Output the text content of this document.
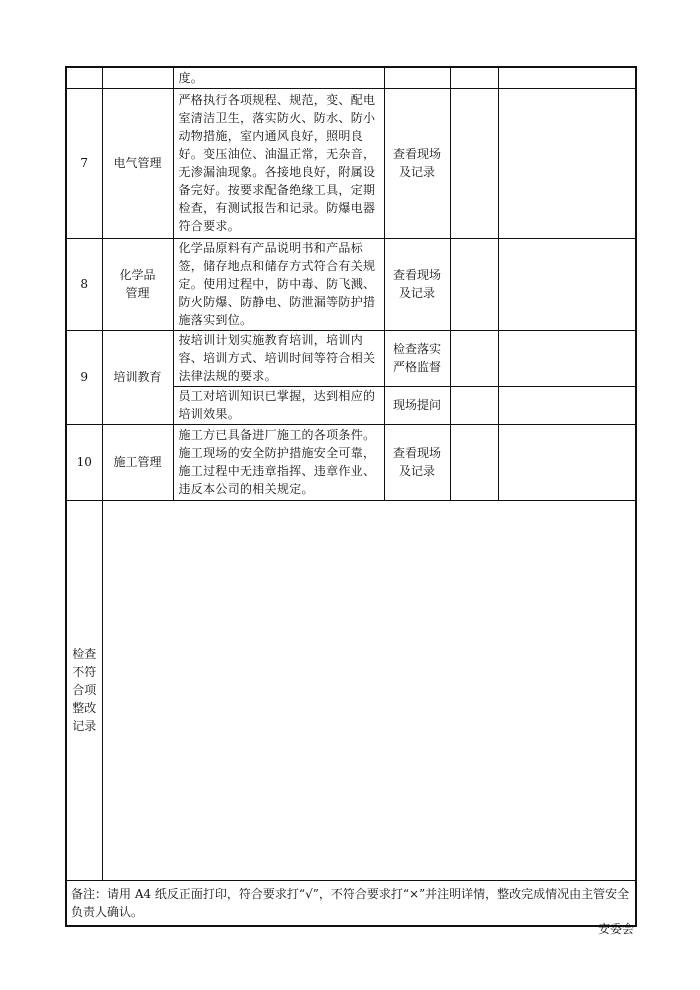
		度。			
7	电气管理	严格执行各项规程、规范，变、配电室清洁卫生，落实防火、防水、防小动物措施，室内通风良好，照明良好。变压油位、油温正常，无杂音，无渗漏油现象。各接地良好，附属设备完好。按要求配备绝缘工具，定期检查，有测试报告和记录。防爆电器符合要求。	查看现场及记录		
8	化学品管理	化学品原料有产品说明书和产品标签，储存地点和储存方式符合有关规定。使用过程中，防中毒、防飞溅、防火防爆、防静电、防泄漏等防护措施落实到位。	查看现场及记录		
9	培训教育	按培训计划实施教育培训，培训内容、培训方式、培训时间等符合相关法律法规的要求。	检查落实严格监督		
		员工对培训知识已掌握，达到相应的培训效果。	现场提问		
10	施工管理	施工方已具备进厂施工的各项条件。施工现场的安全防护措施安全可靠，施工过程中无违章指挥、违章作业、违反本公司的相关规定。	查看现场及记录		

检查
不符
合项
整改
记录					

备注：请用 A4 纸反正面打印，符合要求打“√”，不符合要求打“×”并注明详情，整改完成情况由主管安全负责人确认。					
安委会
